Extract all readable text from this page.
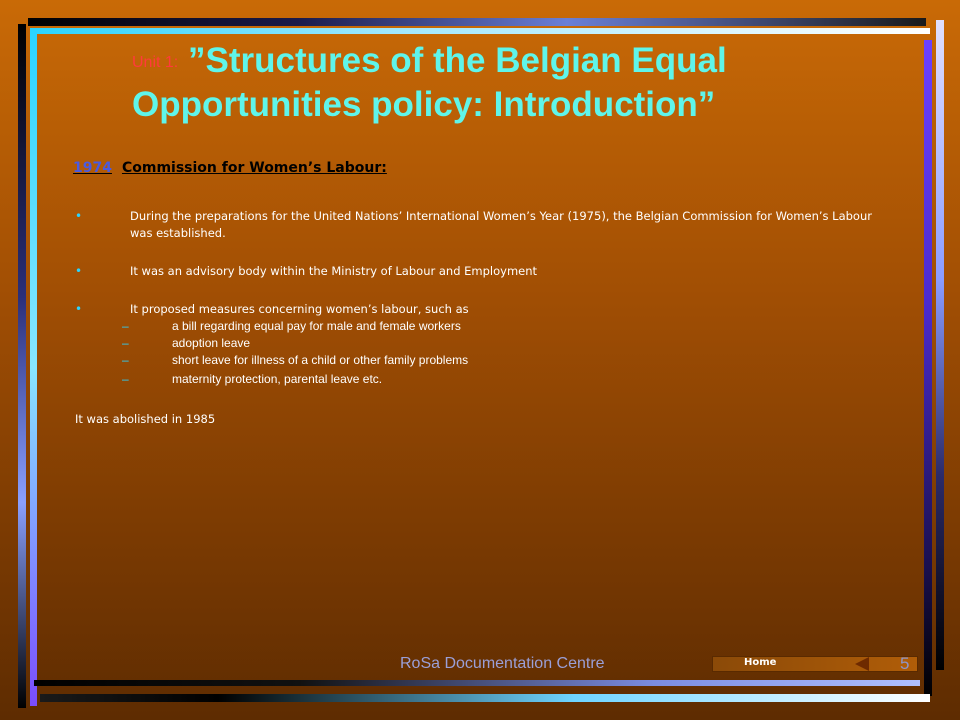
Unit 1: ”Structures of the Belgian Equal Opportunities policy: Introduction”
1974 Commission for Women’s Labour:
•	During the preparations for the United Nations’ International Women’s Year (1975), the Belgian Commission for Women’s Labour was established.
•	It was an advisory body within the Ministry of Labour and Employment
•	It proposed measures concerning women’s labour, such as
–	a bill regarding equal pay for male and female workers
–	adoption leave
–	short leave for illness of a child or other family problems
–	maternity protection, parental leave etc.
It was abolished in 1985
RoSa Documentation Centre	Home	5
